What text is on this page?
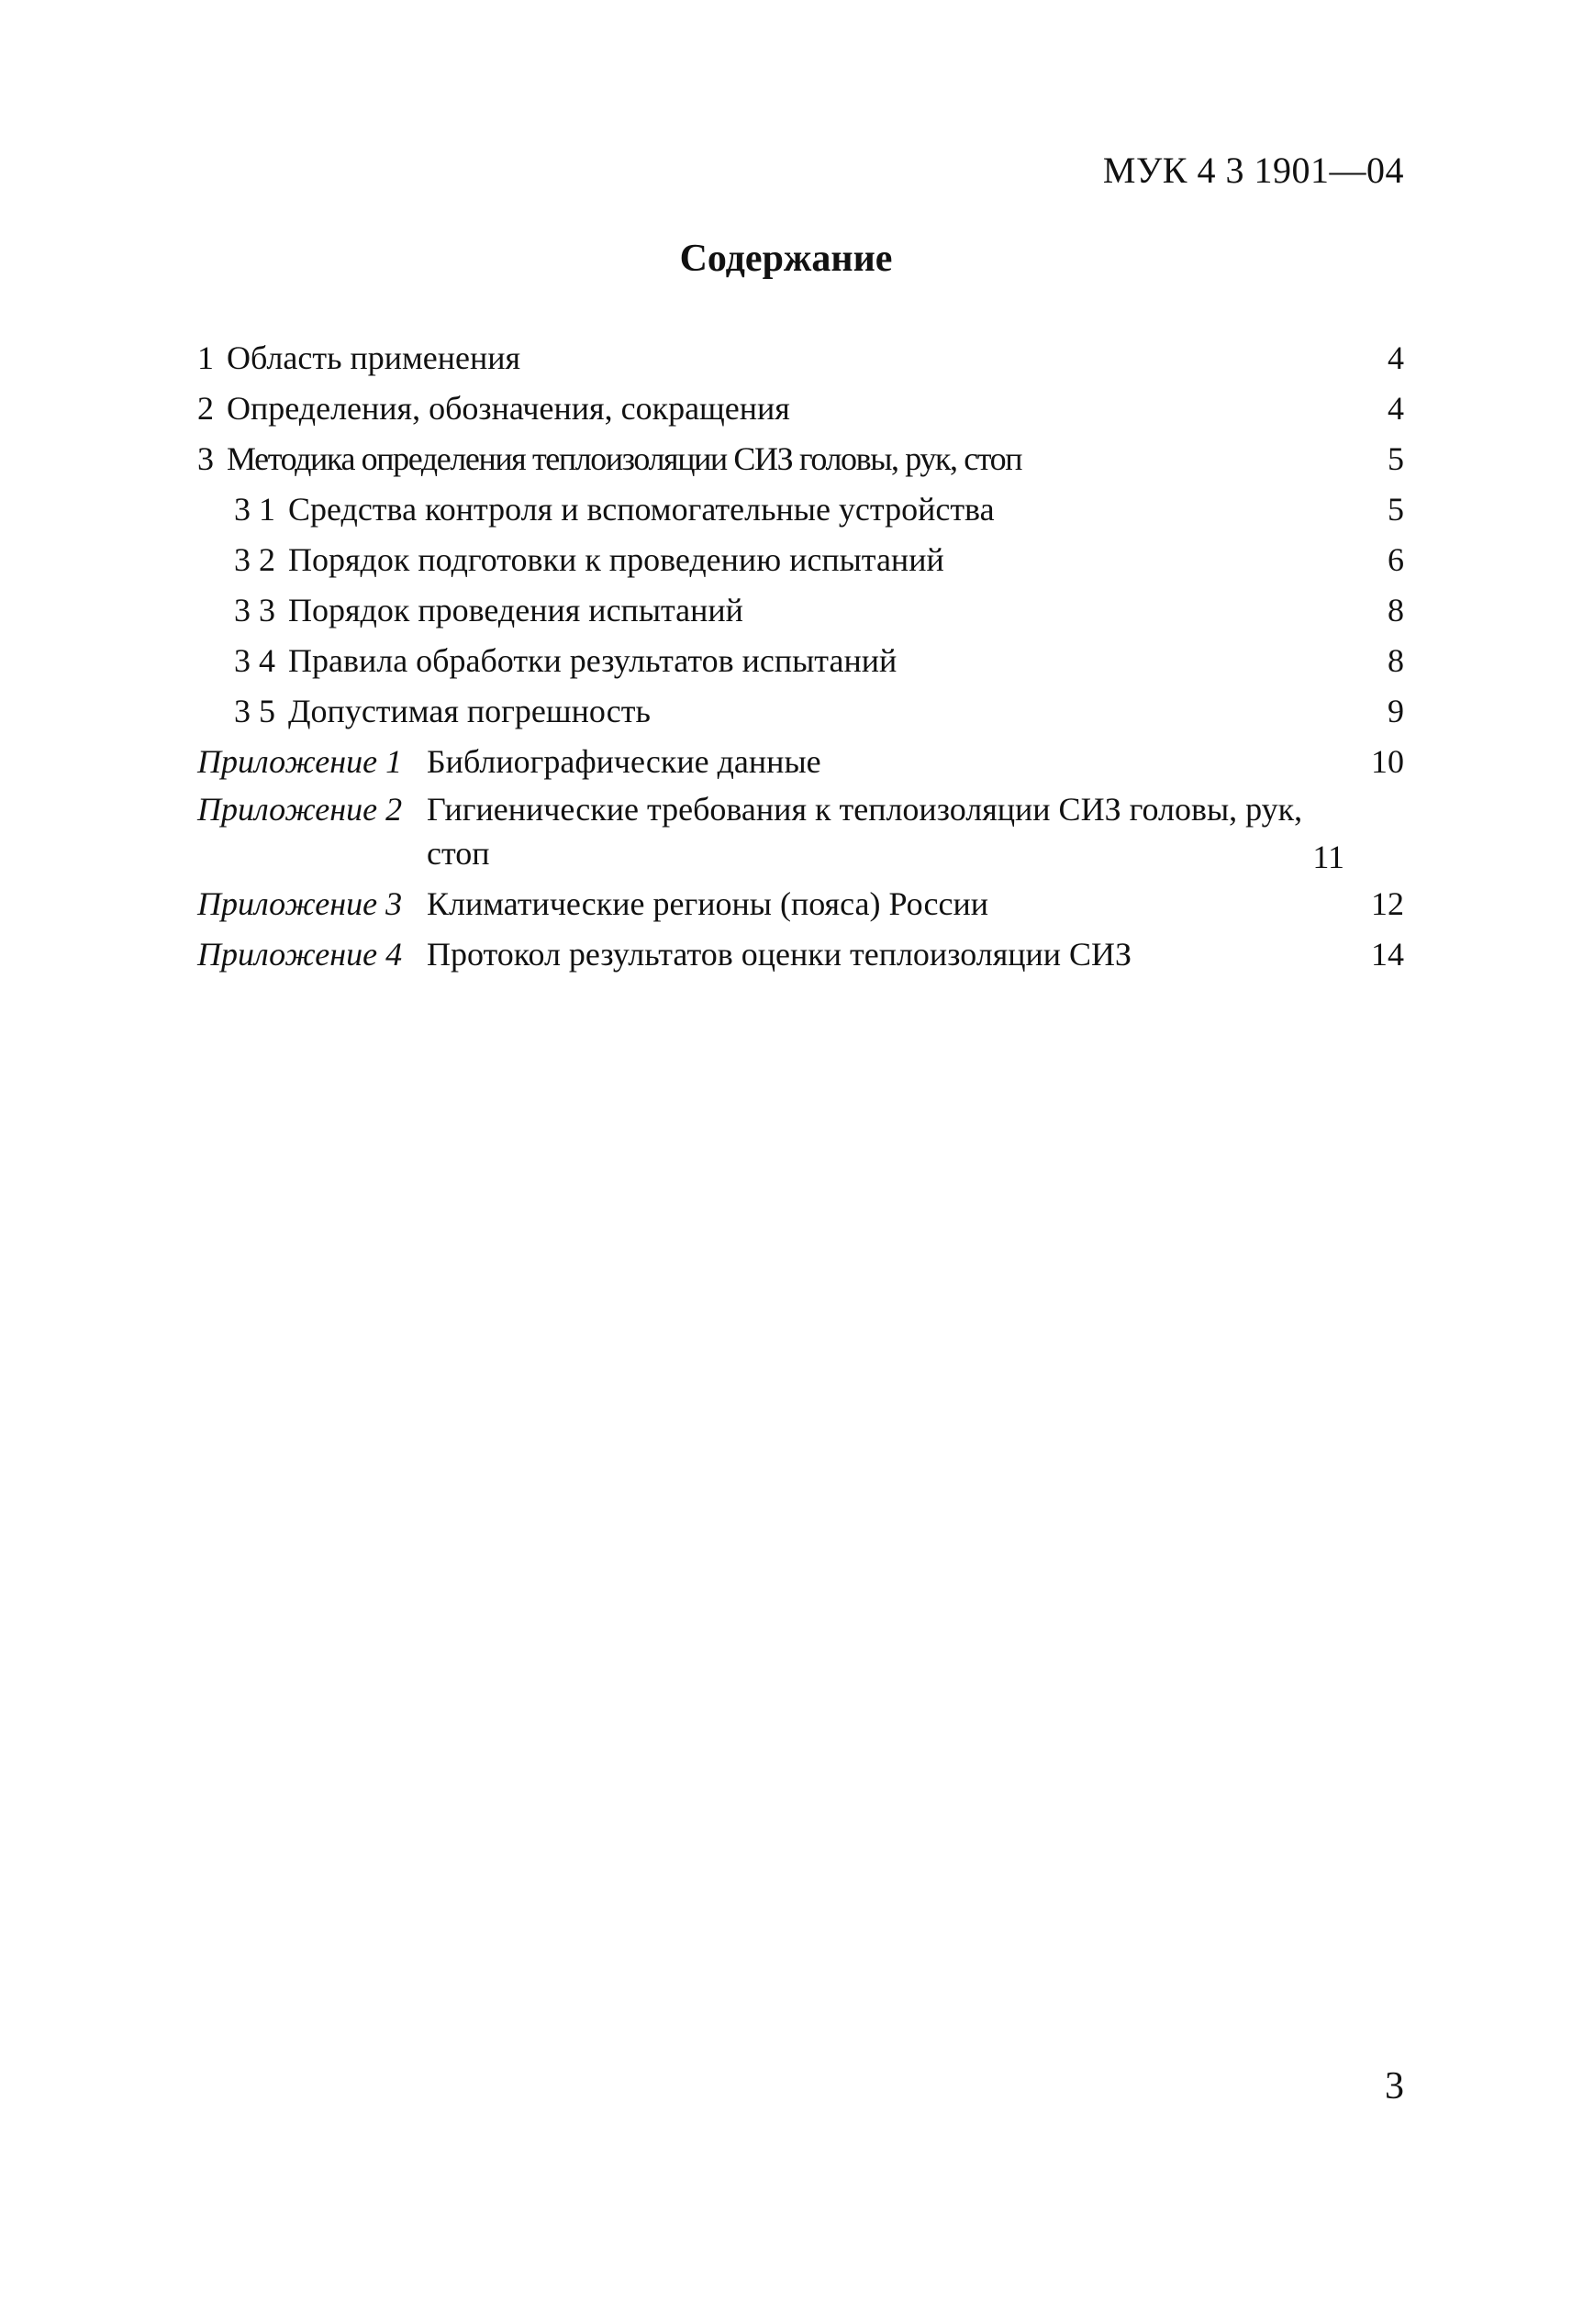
МУК 4 3 1901—04
Содержание
1 Область применения	4
2 Определения, обозначения, сокращения	4
3 Методика определения теплоизоляции СИЗ головы, рук, стоп	5
3 1 Средства контроля и вспомогательные устройства	5
3 2 Порядок подготовки к проведению испытаний	6
3 3 Порядок проведения испытаний	8
3 4 Правила обработки результатов испытаний	8
3 5 Допустимая погрешность	9
Приложение 1 Библиографические данные	10
Приложение 2 Гигиенические требования к теплоизоляции СИЗ головы, рук, стоп	11
Приложение 3 Климатические регионы (пояса) России	12
Приложение 4 Протокол результатов оценки теплоизоляции СИЗ	14
3
